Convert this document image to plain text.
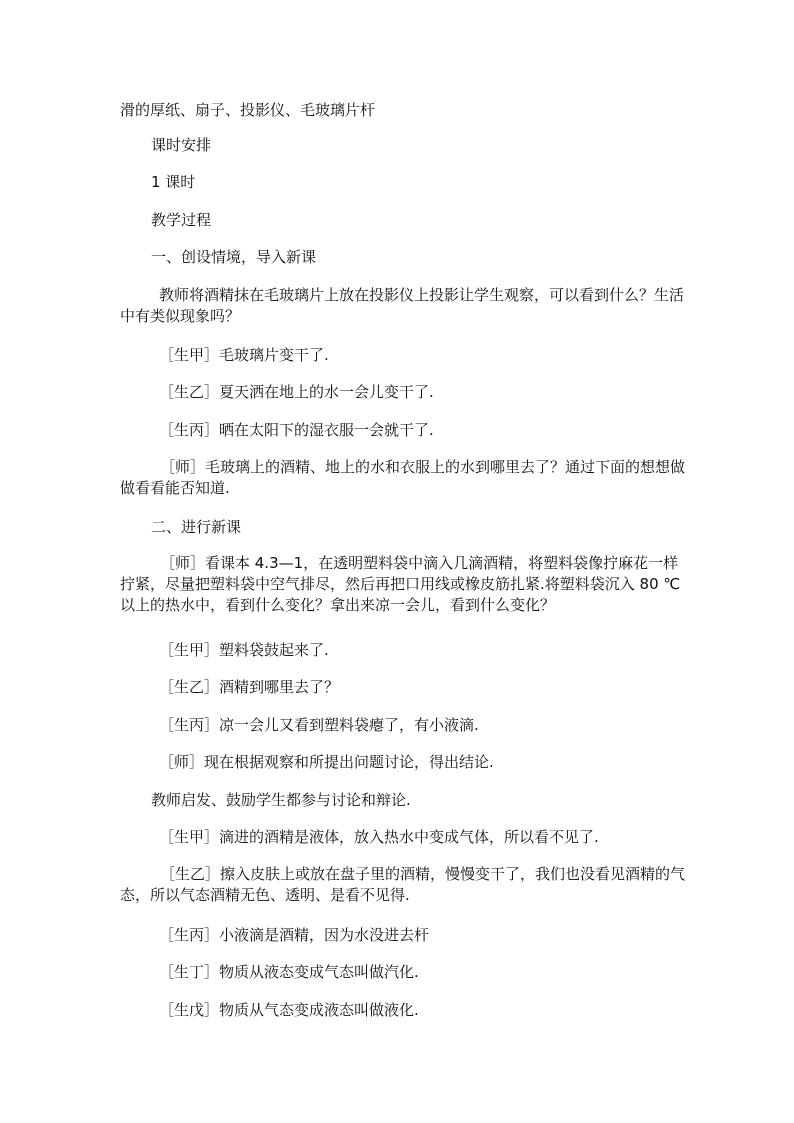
滑的厚纸、扇子、投影仪、毛玻璃片杆
课时安排
1 课时
教学过程
一、创设情境，导入新课
教师将酒精抹在毛玻璃片上放在投影仪上投影让学生观察，可以看到什么？生活中有类似现象吗？
［生甲］毛玻璃片变干了.
［生乙］夏天洒在地上的水一会儿变干了.
［生丙］晒在太阳下的湿衣服一会就干了.
［师］毛玻璃上的酒精、地上的水和衣服上的水到哪里去了？通过下面的想想做做看看能否知道.
二、进行新课
［师］看课本 4.3—1，在透明塑料袋中滴入几滴酒精，将塑料袋像拧麻花一样拧紧，尽量把塑料袋中空气排尽，然后再把口用线或橡皮筋扎紧.将塑料袋沉入 80 ℃以上的热水中，看到什么变化？拿出来凉一会儿，看到什么变化？
［生甲］塑料袋鼓起来了.
［生乙］酒精到哪里去了？
［生丙］凉一会儿又看到塑料袋瘪了，有小液滴.
［师］现在根据观察和所提出问题讨论，得出结论.
教师启发、鼓励学生都参与讨论和辩论.
［生甲］滴进的酒精是液体，放入热水中变成气体，所以看不见了.
［生乙］擦入皮肤上或放在盘子里的酒精，慢慢变干了，我们也没看见酒精的气态，所以气态酒精无色、透明、是看不见得.
［生丙］小液滴是酒精，因为水没进去杆
［生丁］物质从液态变成气态叫做汽化.
［生戊］物质从气态变成液态叫做液化.
